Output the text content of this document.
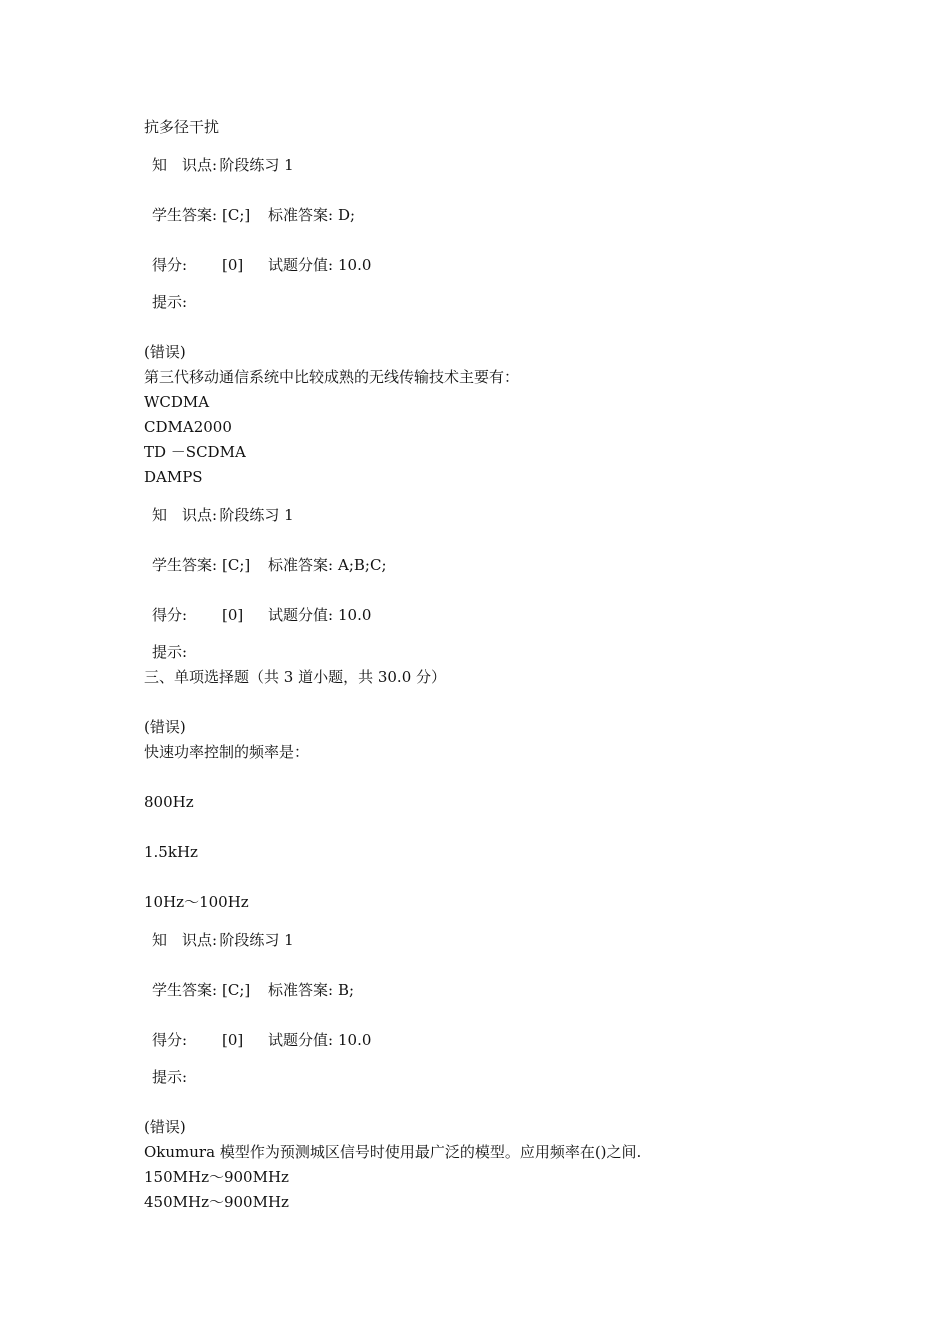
抗多径干扰
知　识点: 阶段练习 1
学生答案: [C;]	标准答案: D;
得分:	[0]	试题分值: 10.0
提示:
(错误)
第三代移动通信系统中比较成熟的无线传输技术主要有：
WCDMA
CDMA2000
TD －SCDMA
DAMPS
知　识点: 阶段练习 1
学生答案: [C;]	标准答案: A;B;C;
得分:	[0]	试题分值: 10.0
提示:
三、单项选择题（共 3 道小题，共 30.0 分）
(错误)
快速功率控制的频率是：
800Hz
1.5kHz
10Hz～100Hz
知　识点: 阶段练习 1
学生答案: [C;]	标准答案: B;
得分:	[0]	试题分值: 10.0
提示:
(错误)
Okumura 模型作为预测城区信号时使用最广泛的模型。应用频率在()之间.
150MHz～900MHz
450MHz～900MHz
